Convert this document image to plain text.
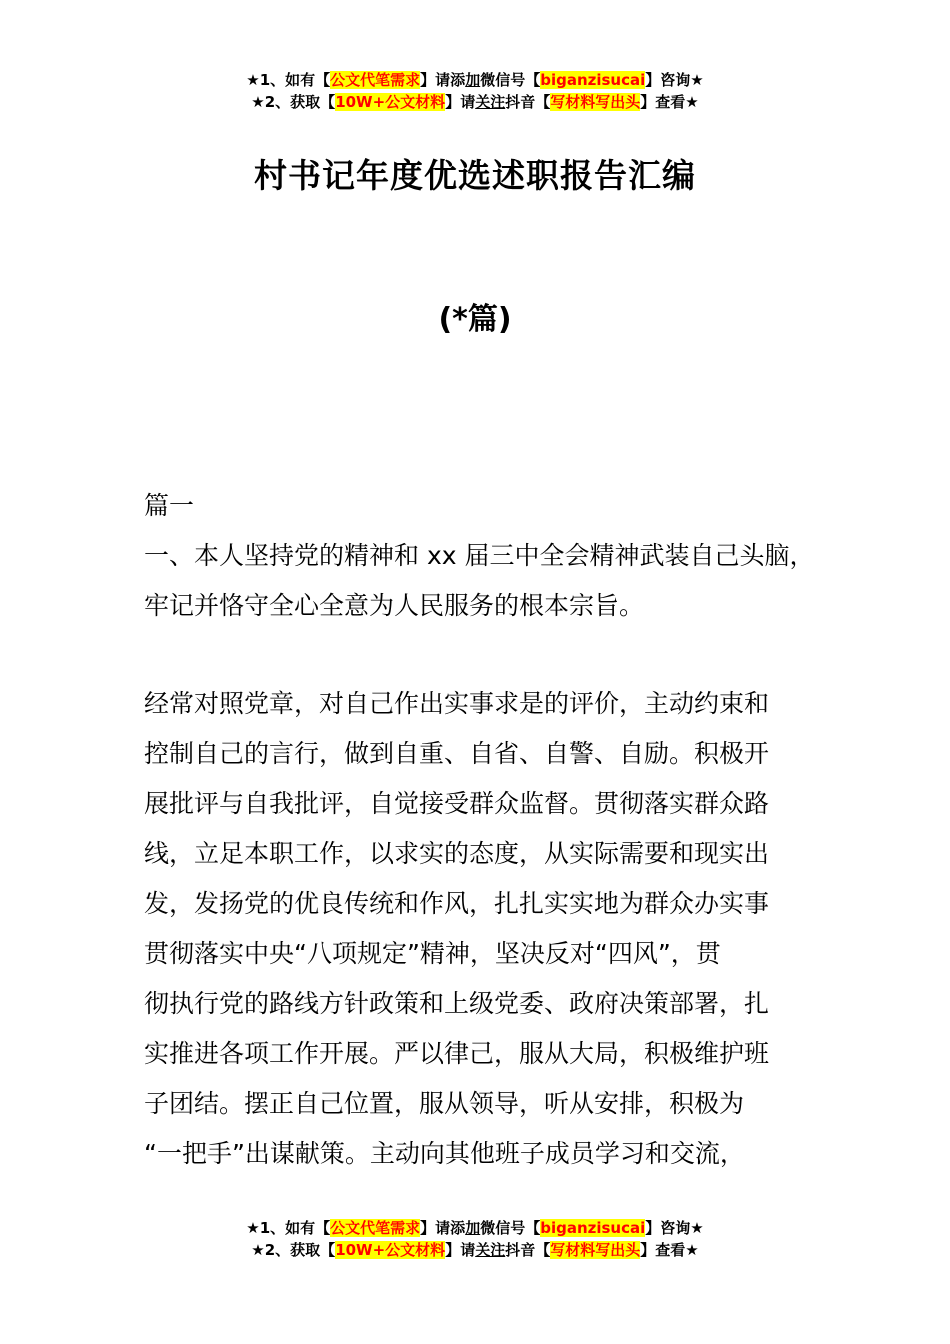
★1、如有【公文代笔需求】请添加微信号【biganzisucai】咨询★
★2、获取【10W+公文材料】请关注抖音【写材料写出头】查看★
村书记年度优选述职报告汇编
(*篇)
篇一
一、本人坚持党的精神和 xx 届三中全会精神武装自己头脑，
牢记并恪守全心全意为人民服务的根本宗旨。
经常对照党章，对自己作出实事求是的评价，主动约束和
控制自己的言行，做到自重、自省、自警、自励。积极开
展批评与自我批评，自觉接受群众监督。贯彻落实群众路
线，立足本职工作，以求实的态度，从实际需要和现实出
发，发扬党的优良传统和作风，扎扎实实地为群众办实事
贯彻落实中央“八项规定”精神，坚决反对“四风”，贯
彻执行党的路线方针政策和上级党委、政府决策部署，扎
实推进各项工作开展。严以律己，服从大局，积极维护班
子团结。摆正自己位置，服从领导，听从安排，积极为
“一把手”出谋献策。主动向其他班子成员学习和交流，
★1、如有【公文代笔需求】请添加微信号【biganzisucai】咨询★
★2、获取【10W+公文材料】请关注抖音【写材料写出头】查看★
